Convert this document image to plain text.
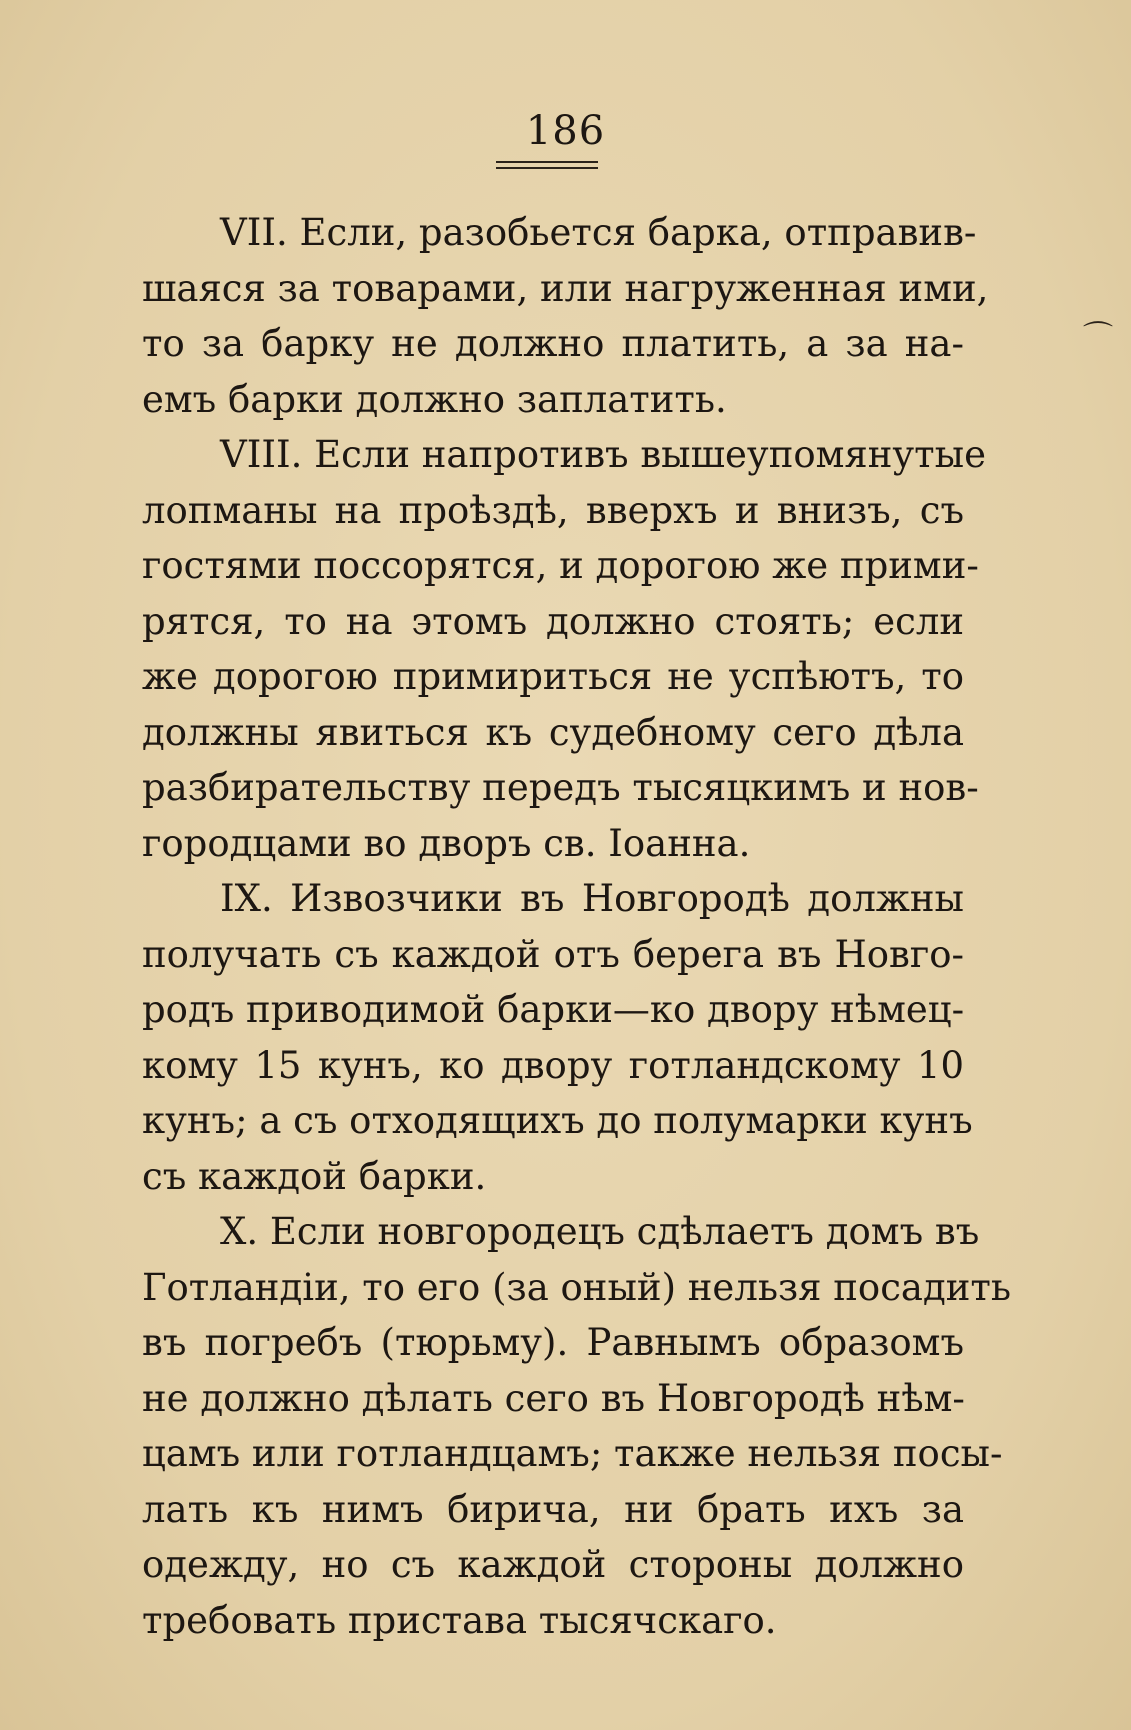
186
⌒
VII. Если, разобьется барка, отправив-
шаяся за товарами, или нагруженная ими,
то за барку не должно платить, а за на-
емъ барки должно заплатить.
VIII. Если напротивъ вышеупомянутые
лопманы на проѣздѣ, вверхъ и внизъ, съ
гостями поссорятся, и дорогою же прими-
рятся, то на этомъ должно стоять; если
же дорогою примириться не успѣютъ, то
должны явиться къ судебному сего дѣла
разбирательству передъ тысяцкимъ и нов-
городцами во дворъ св. Іоанна.
IX. Извозчики въ Новгородѣ должны
получать съ каждой отъ берега въ Новго-
родъ приводимой барки—ко двору нѣмец-
кому 15 кунъ, ко двору готландскому 10
кунъ; а съ отходящихъ до полумарки кунъ
съ каждой барки.
X. Если новгородецъ сдѣлаетъ домъ въ
Готландіи, то его (за оный) нельзя посадить
въ погребъ (тюрьму). Равнымъ образомъ
не должно дѣлать сего въ Новгородѣ нѣм-
цамъ или готландцамъ; также нельзя посы-
лать къ нимъ бирича, ни брать ихъ за
одежду, но съ каждой стороны должно
требовать пристава тысячскаго.
